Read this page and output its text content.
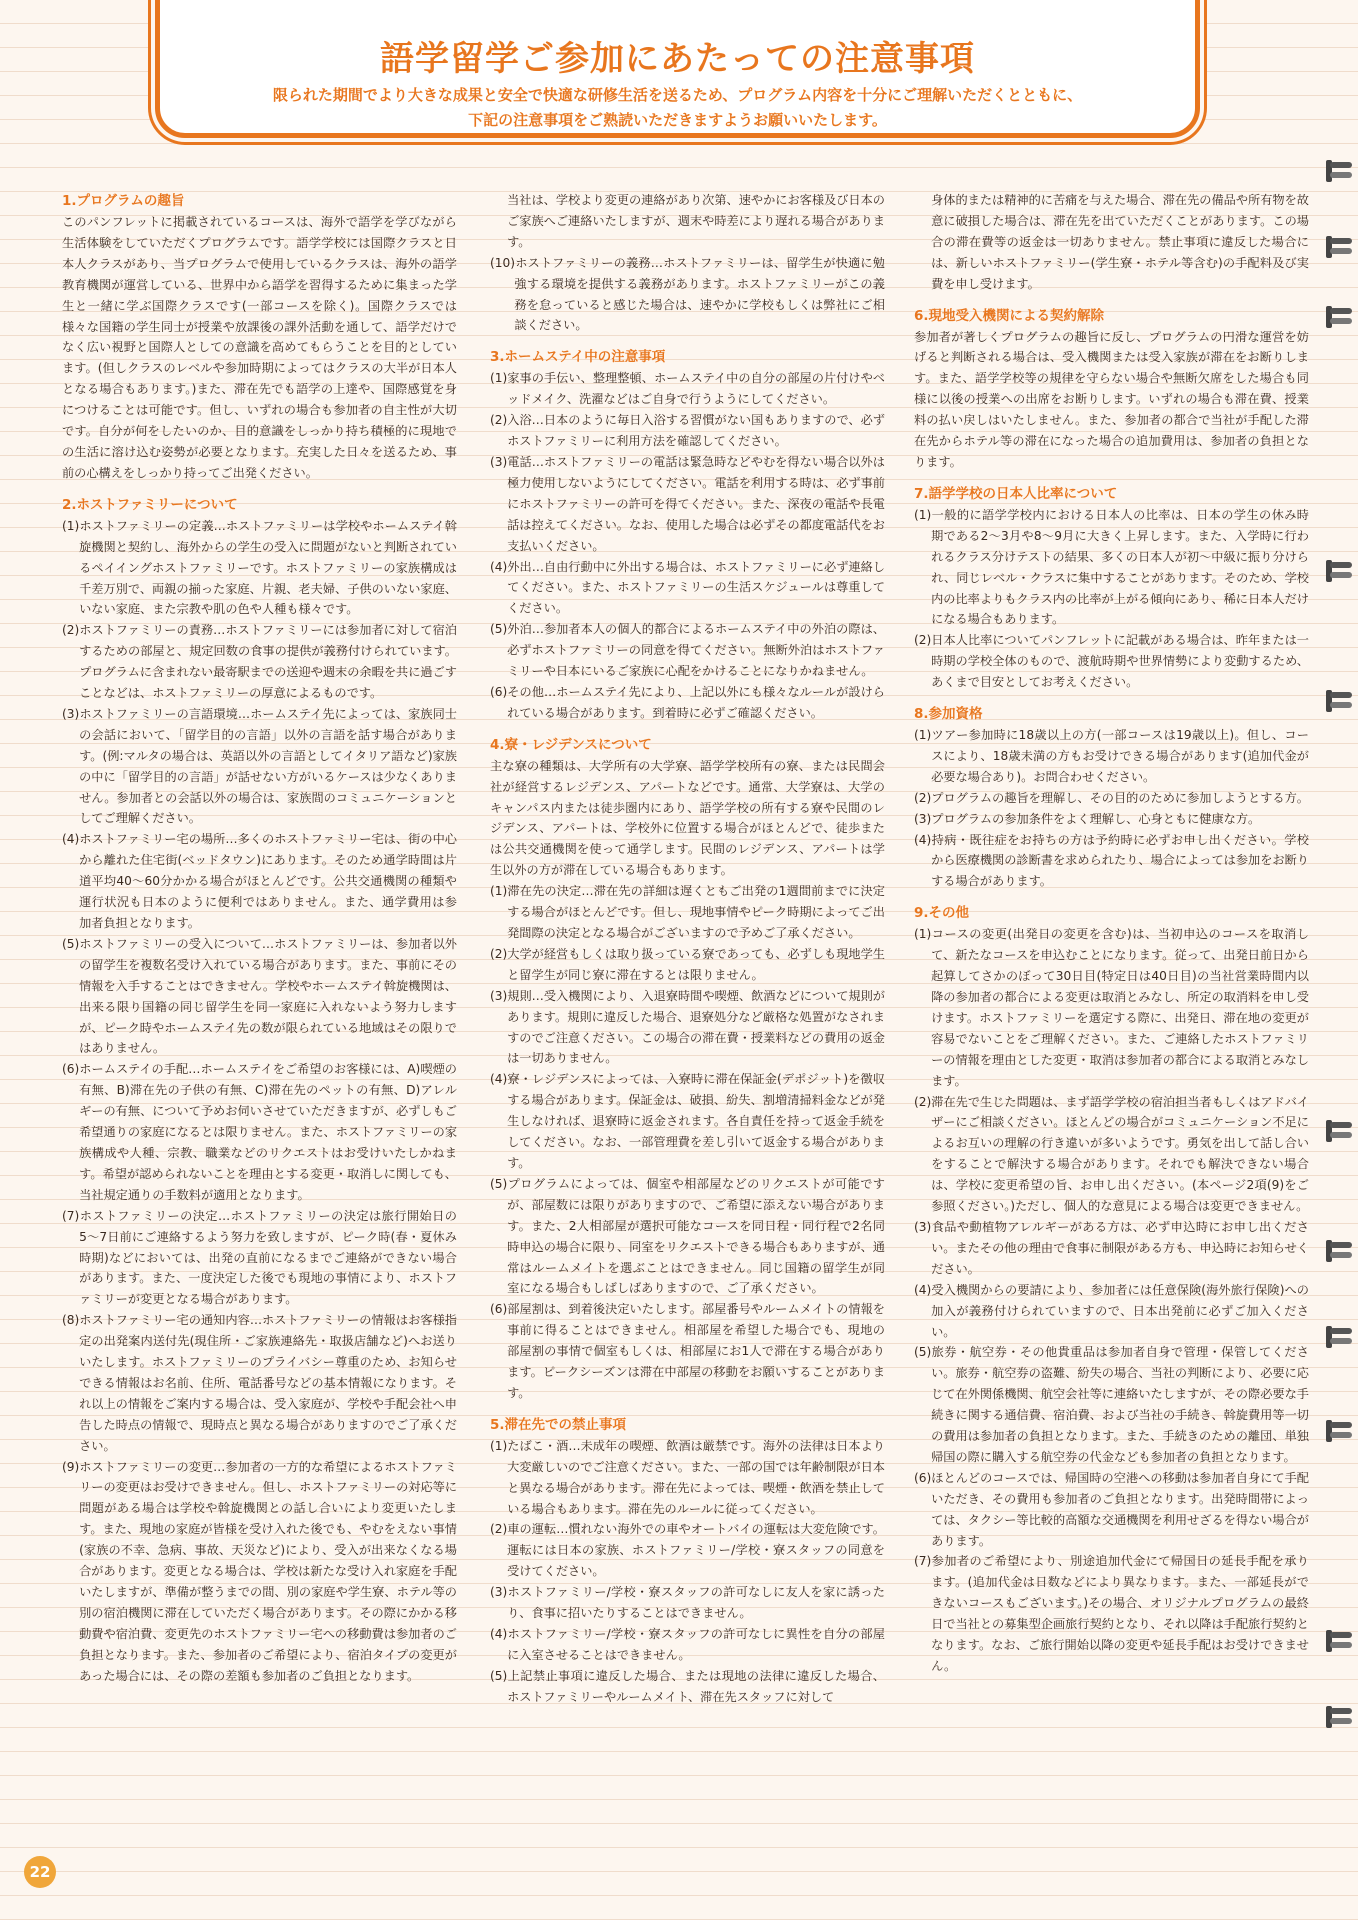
語学留学ご参加にあたっての注意事項
限られた期間でより大きな成果と安全で快適な研修生活を送るため、プログラム内容を十分にご理解いただくとともに、
下記の注意事項をご熟読いただきますようお願いいたします。
1.プログラムの趣旨

このパンフレットに掲載されているコースは、海外で語学を学びながら生活体験をしていただくプログラムです。語学学校には国際クラスと日本人クラスがあり、当プログラムで使用しているクラスは、海外の語学教育機関が運営している、世界中から語学を習得するために集まった学生と一緒に学ぶ国際クラスです(一部コースを除く)。国際クラスでは様々な国籍の学生同士が授業や放課後の課外活動を通して、語学だけでなく広い視野と国際人としての意識を高めてもらうことを目的としています。(但しクラスのレベルや参加時期によってはクラスの大半が日本人となる場合もあります。)また、滞在先でも語学の上達や、国際感覚を身につけることは可能です。但し、いずれの場合も参加者の自主性が大切です。自分が何をしたいのか、目的意識をしっかり持ち積極的に現地での生活に溶け込む姿勢が必要となります。充実した日々を送るため、事前の心構えをしっかり持ってご出発ください。

2.ホストファミリーについて

(1)ホストファミリーの定義…ホストファミリーは学校やホームステイ斡旋機関と契約し、海外からの学生の受入に問題がないと判断されているペイイングホストファミリーです。ホストファミリーの家族構成は千差万別で、両親の揃った家庭、片親、老夫婦、子供のいない家庭、いない家庭、また宗教や肌の色や人種も様々です。

(2)ホストファミリーの責務…ホストファミリーには参加者に対して宿泊するための部屋と、規定回数の食事の提供が義務付けられています。プログラムに含まれない最寄駅までの送迎や週末の余暇を共に過ごすことなどは、ホストファミリーの厚意によるものです。

(3)ホストファミリーの言語環境…ホームステイ先によっては、家族同士の会話において、「留学目的の言語」以外の言語を話す場合があります。(例:マルタの場合は、英語以外の言語としてイタリア語など)家族の中に「留学目的の言語」が話せない方がいるケースは少なくありません。参加者との会話以外の場合は、家族間のコミュニケーションとしてご理解ください。

(4)ホストファミリー宅の場所…多くのホストファミリー宅は、街の中心から離れた住宅街(ベッドタウン)にあります。そのため通学時間は片道平均40〜60分かかる場合がほとんどです。公共交通機関の種類や運行状況も日本のように便利ではありません。また、通学費用は参加者負担となります。

(5)ホストファミリーの受入について…ホストファミリーは、参加者以外の留学生を複数名受け入れている場合があります。また、事前にその情報を入手することはできません。学校やホームステイ斡旋機関は、出来る限り国籍の同じ留学生を同一家庭に入れないよう努力しますが、ピーク時やホームステイ先の数が限られている地域はその限りではありません。

(6)ホームステイの手配…ホームステイをご希望のお客様には、A)喫煙の有無、B)滞在先の子供の有無、C)滞在先のペットの有無、D)アレルギーの有無、について予めお伺いさせていただきますが、必ずしもご希望通りの家庭になるとは限りません。また、ホストファミリーの家族構成や人種、宗教、職業などのリクエストはお受けいたしかねます。希望が認められないことを理由とする変更・取消しに関しても、当社規定通りの手数料が適用となります。

(7)ホストファミリーの決定…ホストファミリーの決定は旅行開始日の5〜7日前にご連絡するよう努力を致しますが、ピーク時(春・夏休み時期)などにおいては、出発の直前になるまでご連絡ができない場合があります。また、一度決定した後でも現地の事情により、ホストファミリーが変更となる場合があります。

(8)ホストファミリー宅の通知内容…ホストファミリーの情報はお客様指定の出発案内送付先(現住所・ご家族連絡先・取扱店舗など)へお送りいたします。ホストファミリーのプライバシー尊重のため、お知らせできる情報はお名前、住所、電話番号などの基本情報になります。それ以上の情報をご案内する場合は、受入家庭が、学校や手配会社へ申告した時点の情報で、現時点と異なる場合がありますのでご了承ください。

(9)ホストファミリーの変更…参加者の一方的な希望によるホストファミリーの変更はお受けできません。但し、ホストファミリーの対応等に問題がある場合は学校や斡旋機関との話し合いにより変更いたします。また、現地の家庭が皆様を受け入れた後でも、やむをえない事情(家族の不幸、急病、事故、天災など)により、受入が出来なくなる場合があります。変更となる場合は、学校は新たな受け入れ家庭を手配いたしますが、準備が整うまでの間、別の家庭や学生寮、ホテル等の別の宿泊機関に滞在していただく場合があります。その際にかかる移動費や宿泊費、変更先のホストファミリー宅への移動費は参加者のご負担となります。また、参加者のご希望により、宿泊タイプの変更があった場合には、その際の差額も参加者のご負担となります。

当社は、学校より変更の連絡があり次第、速やかにお客様及び日本のご家族へご連絡いたしますが、週末や時差により遅れる場合があります。

(10)ホストファミリーの義務…ホストファミリーは、留学生が快適に勉強する環境を提供する義務があります。ホストファミリーがこの義務を怠っていると感じた場合は、速やかに学校もしくは弊社にご相談ください。

3.ホームステイ中の注意事項

(1)家事の手伝い、整理整頓、ホームステイ中の自分の部屋の片付けやベッドメイク、洗濯などはご自身で行うようにしてください。

(2)入浴…日本のように毎日入浴する習慣がない国もありますので、必ずホストファミリーに利用方法を確認してください。

(3)電話…ホストファミリーの電話は緊急時などやむを得ない場合以外は極力使用しないようにしてください。電話を利用する時は、必ず事前にホストファミリーの許可を得てください。また、深夜の電話や長電話は控えてください。なお、使用した場合は必ずその都度電話代をお支払いください。

(4)外出…自由行動中に外出する場合は、ホストファミリーに必ず連絡してください。また、ホストファミリーの生活スケジュールは尊重してください。

(5)外泊…参加者本人の個人的都合によるホームステイ中の外泊の際は、必ずホストファミリーの同意を得てください。無断外泊はホストファミリーや日本にいるご家族に心配をかけることになりかねません。

(6)その他…ホームステイ先により、上記以外にも様々なルールが設けられている場合があります。到着時に必ずご確認ください。

4.寮・レジデンスについて

主な寮の種類は、大学所有の大学寮、語学学校所有の寮、または民間会社が経営するレジデンス、アパートなどです。通常、大学寮は、大学のキャンパス内または徒歩圏内にあり、語学学校の所有する寮や民間のレジデンス、アパートは、学校外に位置する場合がほとんどで、徒歩または公共交通機関を使って通学します。民間のレジデンス、アパートは学生以外の方が滞在している場合もあります。

(1)滞在先の決定…滞在先の詳細は遅くともご出発の1週間前までに決定する場合がほとんどです。但し、現地事情やピーク時期によってご出発間際の決定となる場合がございますので予めご了承ください。

(2)大学が経営もしくは取り扱っている寮であっても、必ずしも現地学生と留学生が同じ寮に滞在するとは限りません。

(3)規則…受入機関により、入退寮時間や喫煙、飲酒などについて規則があります。規則に違反した場合、退寮処分など厳格な処置がなされますのでご注意ください。この場合の滞在費・授業料などの費用の返金は一切ありません。

(4)寮・レジデンスによっては、入寮時に滞在保証金(デポジット)を徴収する場合があります。保証金は、破損、紛失、割増清掃料金などが発生しなければ、退寮時に返金されます。各自責任を持って返金手続をしてください。なお、一部管理費を差し引いて返金する場合があります。

(5)プログラムによっては、個室や相部屋などのリクエストが可能ですが、部屋数には限りがありますので、ご希望に添えない場合があります。また、2人相部屋が選択可能なコースを同日程・同行程で2名同時申込の場合に限り、同室をリクエストできる場合もありますが、通常はルームメイトを選ぶことはできません。同じ国籍の留学生が同室になる場合もしばしばありますので、ご了承ください。

(6)部屋割は、到着後決定いたします。部屋番号やルームメイトの情報を事前に得ることはできません。相部屋を希望した場合でも、現地の部屋割の事情で個室もしくは、相部屋にお1人で滞在する場合があります。ピークシーズンは滞在中部屋の移動をお願いすることがあります。

5.滞在先での禁止事項

(1)たばこ・酒…未成年の喫煙、飲酒は厳禁です。海外の法律は日本より大変厳しいのでご注意ください。また、一部の国では年齢制限が日本と異なる場合があります。滞在先によっては、喫煙・飲酒を禁止している場合もあります。滞在先のルールに従ってください。

(2)車の運転…慣れない海外での車やオートバイの運転は大変危険です。運転には日本の家族、ホストファミリー/学校・寮スタッフの同意を受けてください。

(3)ホストファミリー/学校・寮スタッフの許可なしに友人を家に誘ったり、食事に招いたりすることはできません。

(4)ホストファミリー/学校・寮スタッフの許可なしに異性を自分の部屋に入室させることはできません。

(5)上記禁止事項に違反した場合、または現地の法律に違反した場合、ホストファミリーやルームメイト、滞在先スタッフに対して

身体的または精神的に苦痛を与えた場合、滞在先の備品や所有物を故意に破損した場合は、滞在先を出ていただくことがあります。この場合の滞在費等の返金は一切ありません。禁止事項に違反した場合には、新しいホストファミリー(学生寮・ホテル等含む)の手配料及び実費を申し受けます。

6.現地受入機関による契約解除

参加者が著しくプログラムの趣旨に反し、プログラムの円滑な運営を妨げると判断される場合は、受入機関または受入家族が滞在をお断りします。また、語学学校等の規律を守らない場合や無断欠席をした場合も同様に以後の授業への出席をお断りします。いずれの場合も滞在費、授業料の払い戻しはいたしません。また、参加者の都合で当社が手配した滞在先からホテル等の滞在になった場合の追加費用は、参加者の負担となります。

7.語学学校の日本人比率について

(1)一般的に語学学校内における日本人の比率は、日本の学生の休み時期である2〜3月や8〜9月に大きく上昇します。また、入学時に行われるクラス分けテストの結果、多くの日本人が初〜中級に振り分けられ、同じレベル・クラスに集中することがあります。そのため、学校内の比率よりもクラス内の比率が上がる傾向にあり、稀に日本人だけになる場合もあります。

(2)日本人比率についてパンフレットに記載がある場合は、昨年または一時期の学校全体のもので、渡航時期や世界情勢により変動するため、あくまで目安としてお考えください。

8.参加資格

(1)ツアー参加時に18歳以上の方(一部コースは19歳以上)。但し、コースにより、18歳未満の方もお受けできる場合があります(追加代金が必要な場合あり)。お問合わせください。

(2)プログラムの趣旨を理解し、その目的のために参加しようとする方。

(3)プログラムの参加条件をよく理解し、心身ともに健康な方。

(4)持病・既往症をお持ちの方は予約時に必ずお申し出ください。学校から医療機関の診断書を求められたり、場合によっては参加をお断りする場合があります。

9.その他

(1)コースの変更(出発日の変更を含む)は、当初申込のコースを取消して、新たなコースを申込むことになります。従って、出発日前日から起算してさかのぼって30日目(特定日は40日目)の当社営業時間内以降の参加者の都合による変更は取消とみなし、所定の取消料を申し受けます。ホストファミリーを選定する際に、出発日、滞在地の変更が容易でないことをご理解ください。また、ご連絡したホストファミリーの情報を理由とした変更・取消は参加者の都合による取消とみなします。

(2)滞在先で生じた問題は、まず語学学校の宿泊担当者もしくはアドバイザーにご相談ください。ほとんどの場合がコミュニケーション不足によるお互いの理解の行き違いが多いようです。勇気を出して話し合いをすることで解決する場合があります。それでも解決できない場合は、学校に変更希望の旨、お申し出ください。(本ページ2項(9)をご参照ください。)ただし、個人的な意見による場合は変更できません。

(3)食品や動植物アレルギーがある方は、必ず申込時にお申し出ください。またその他の理由で食事に制限がある方も、申込時にお知らせください。

(4)受入機関からの要請により、参加者には任意保険(海外旅行保険)への加入が義務付けられていますので、日本出発前に必ずご加入ください。

(5)旅券・航空券・その他貴重品は参加者自身で管理・保管してください。旅券・航空券の盗難、紛失の場合、当社の判断により、必要に応じて在外関係機関、航空会社等に連絡いたしますが、その際必要な手続きに関する通信費、宿泊費、および当社の手続き、斡旋費用等一切の費用は参加者の負担となります。また、手続きのための離団、単独帰国の際に購入する航空券の代金なども参加者の負担となります。

(6)ほとんどのコースでは、帰国時の空港への移動は参加者自身にて手配いただき、その費用も参加者のご負担となります。出発時間帯によっては、タクシー等比較的高額な交通機関を利用せざるを得ない場合があります。

(7)参加者のご希望により、別途追加代金にて帰国日の延長手配を承ります。(追加代金は日数などにより異なります。また、一部延長ができないコースもございます。)その場合、オリジナルプログラムの最終日で当社との募集型企画旅行契約となり、それ以降は手配旅行契約となります。なお、ご旅行開始以降の変更や延長手配はお受けできません。

22
